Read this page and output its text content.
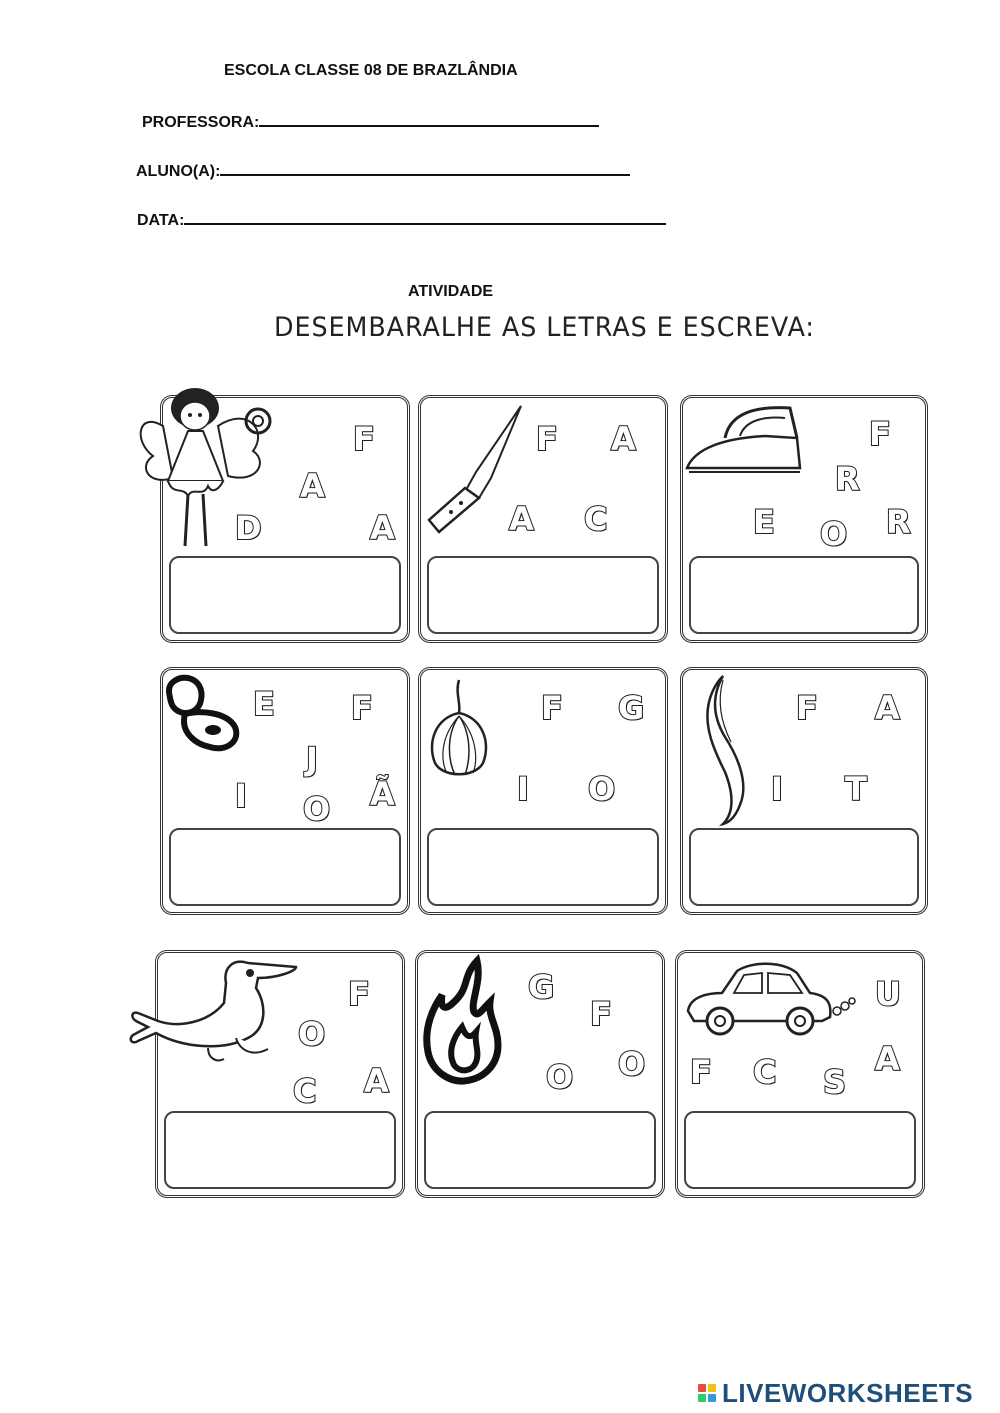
ESCOLA CLASSE 08 DE BRAZLÂNDIA
PROFESSORA:
ALUNO(A):
DATA:
ATIVIDADE
DESEMBARALHE AS LETRAS E ESCREVA:
F
A
D	A
F A
A C
F
R
E O R
E F
J
I O Ã
F G
I O
F A
I T
F
O
C A
G
F
O O
U
A
F C S
LIVEWORKSHEETS
